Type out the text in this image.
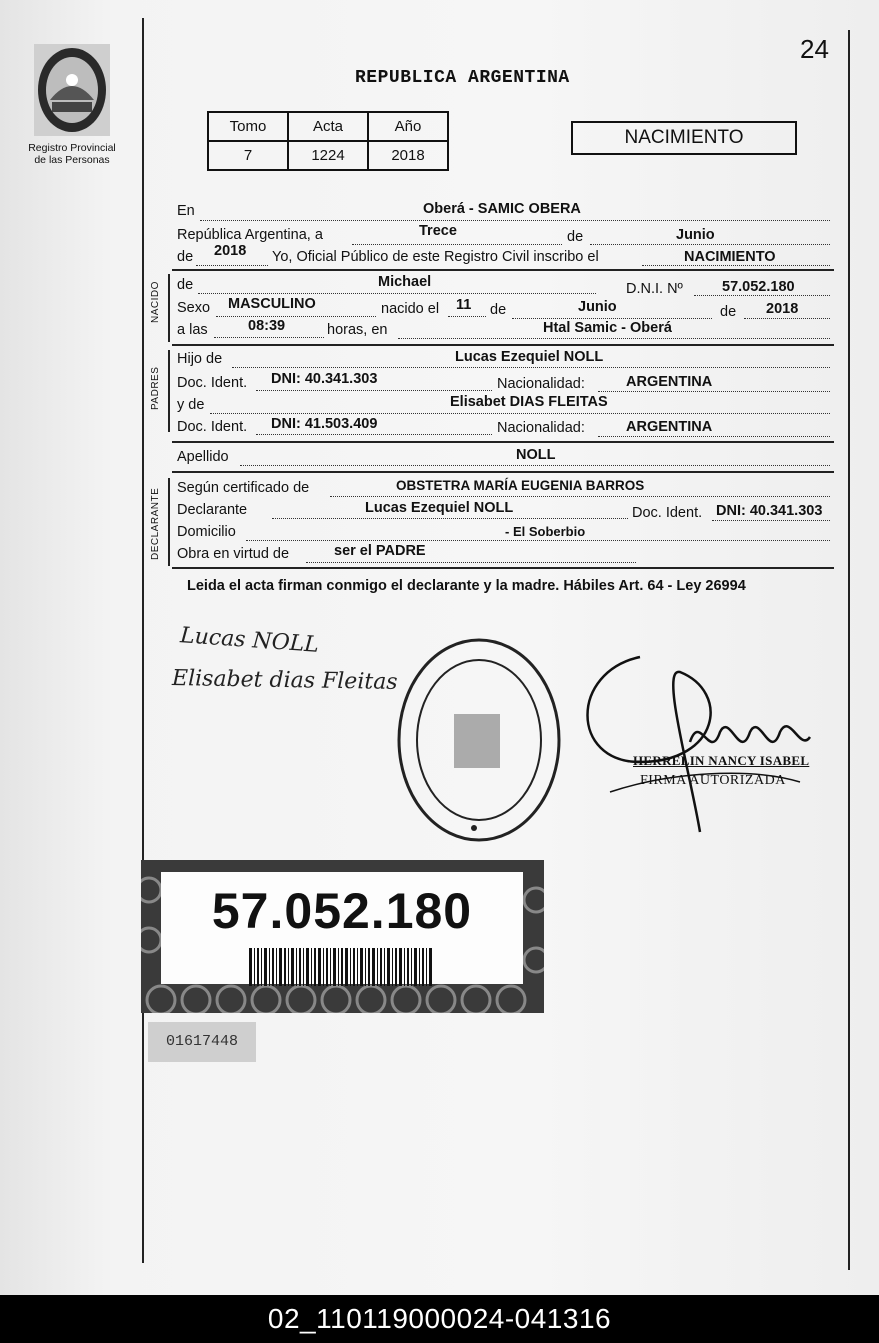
24
Registro Provincial
de las Personas
REPUBLICA ARGENTINA
Tomo	Acta	Año
7	1224	2018
NACIMIENTO
En	Oberá - SAMIC OBERA
República Argentina, a	Trece	de	Junio
de 2018 Yo, Oficial Público de este Registro Civil inscribo el	NACIMIENTO
NACIDO de	Michael	D.N.I. Nº	57.052.180
Sexo MASCULINO	nacido el 11 de	Junio	de 2018
a las	08:39	horas, en	Htal Samic - Oberá
PADRES
Hijo de	Lucas Ezequiel NOLL
Doc. Ident. DNI: 40.341.303	Nacionalidad:	ARGENTINA
y de	Elisabet DIAS FLEITAS
Doc. Ident. DNI: 41.503.409	Nacionalidad:	ARGENTINA
Apellido	NOLL
DECLARANTE Según certificado de	OBSTETRA MARÍA EUGENIA BARROS
Declarante	Lucas Ezequiel NOLL	Doc. Ident. DNI: 40.341.303
Domicilio	- El Soberbio
Obra en virtud de	ser el PADRE
Leida el acta firman conmigo el declarante y la madre. Hábiles Art. 64 - Ley 26994
Lucas NOLL
Elisabet dias Fleitas
HERRELIN NANCY ISABEL
FIRMA AUTORIZADA
57.052.180
01617448
02_110119000024-041316
